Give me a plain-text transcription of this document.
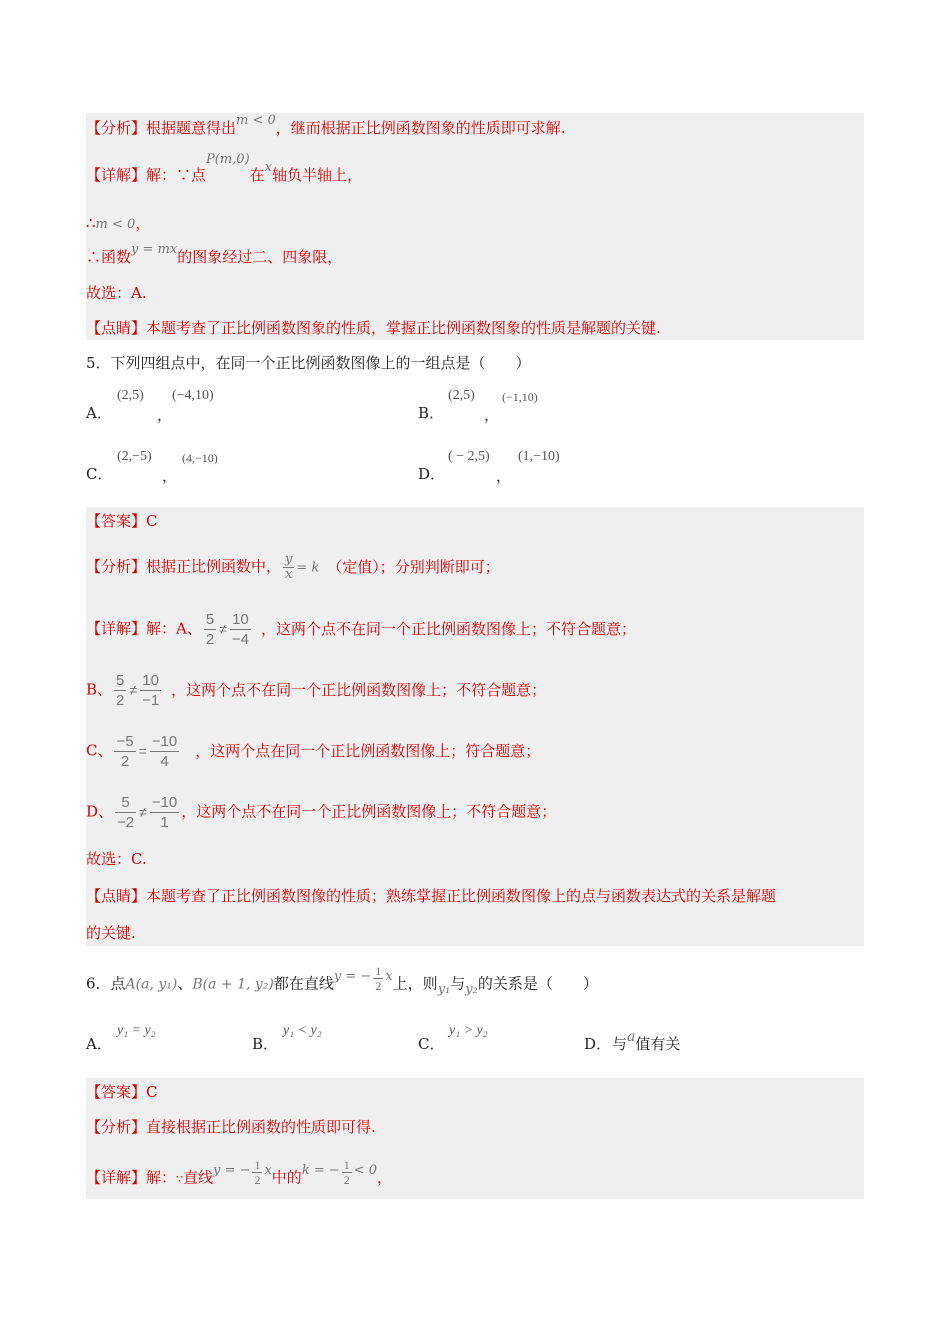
【分析】根据题意得出m < 0，继而根据正比例函数图象的性质即可求解.
【详解】解：∵点P(m,0)在x轴负半轴上，
∴m < 0，
∴函数y = mx的图象经过二、四象限，
故选：A.
【点睛】本题考查了正比例函数图象的性质，掌握正比例函数图象的性质是解题的关键.
5．下列四组点中，在同一个正比例函数图像上的一组点是（　　）
A．
(2,5)
，
(−4,10)
B．
(2,5)
，
(−1,10)
C．
(2,−5)
，
(4,−10)
D．
( − 2,5)
，
(1,−10)
【答案】C
【分析】根据正比例函数中， $\frac{y}{x} = k$ （定值）；分别判断即可；
【详解】解：A、 $\frac{5}{2} \ne \frac{10}{-4}$ ，这两个点不在同一个正比例函数图像上；不符合题意；
B、 $\frac{5}{2} \ne \frac{10}{-1}$ ，这两个点不在同一个正比例函数图像上；不符合题意；
C、 $\frac{-5}{2} = \frac{-10}{4}$ ，这两个点在同一个正比例函数图像上；符合题意；
D、 $\frac{5}{-2} \ne \frac{-10}{1}$ ，这两个点不在同一个正比例函数图像上；不符合题意；
故选：C.
【点睛】本题考查了正比例函数图像的性质；熟练掌握正比例函数图像上的点与函数表达式的关系是解题
的关键.
6．点A(a, y₁)、B(a + 1, y₂)都在直线y = − $\frac{1}{2}$ x上，则y₁与y₂的关系是（　　）
A．
y₁ = y₂
B．
y₁ < y₂
C．
y₁ > y₂
D． 与a值有关
【答案】C
【分析】直接根据正比例函数的性质即可得.
【详解】解：∵直线y = − $\frac{1}{2}$ x中的k = − $\frac{1}{2} < 0$，
